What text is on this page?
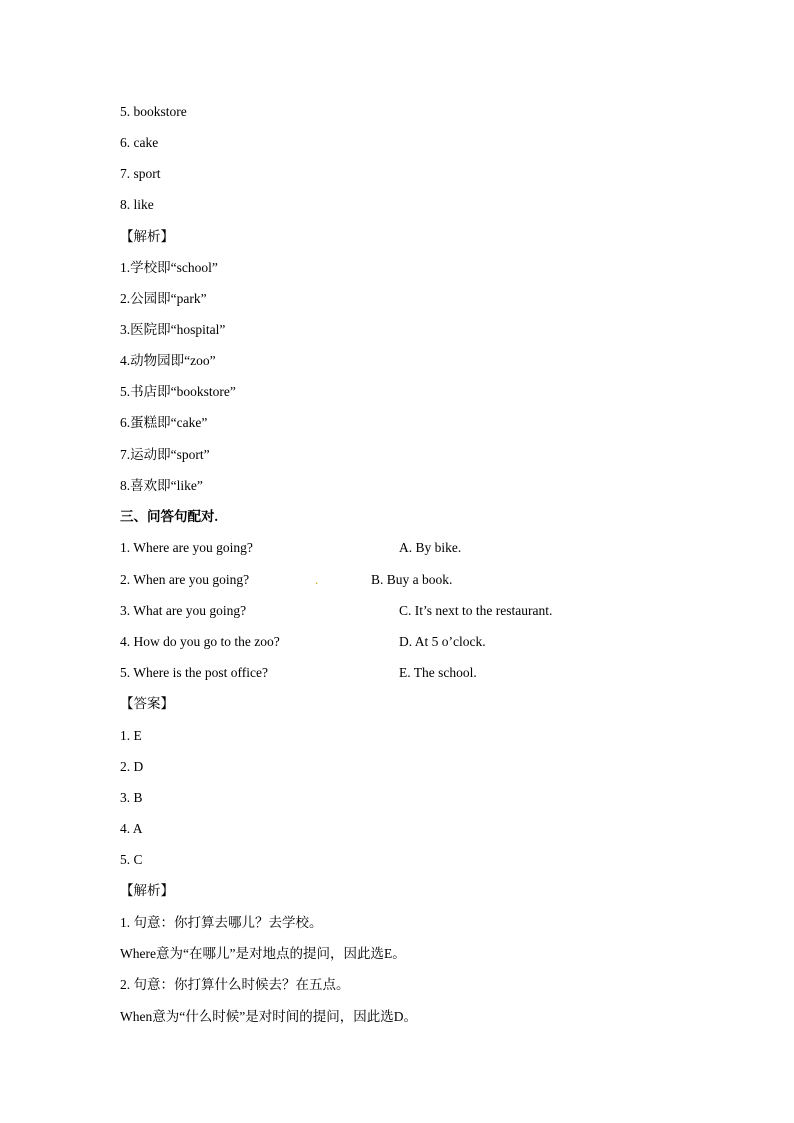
5. bookstore
6. cake
7. sport
8. like
【解析】
1.学校即“school”
2.公园即“park”
3.医院即“hospital”
4.动物园即“zoo”
5.书店即“bookstore”
6.蛋糕即“cake”
7.运动即“sport”
8.喜欢即“like”
三、问答句配对.
1. Where are you going?	A. By bike.
2. When are you going?	.	B. Buy a book.
3. What are you going?	C. It’s next to the restaurant.
4. How do you go to the zoo?	D. At 5 o’clock.
5. Where is the post office?	E. The school.
【答案】
1. E
2. D
3. B
4. A
5. C
【解析】
1. 句意：你打算去哪儿？去学校。
Where意为“在哪儿”是对地点的提问，因此选E。
2. 句意：你打算什么时候去？在五点。
When意为“什么时候”是对时间的提问，因此选D。
